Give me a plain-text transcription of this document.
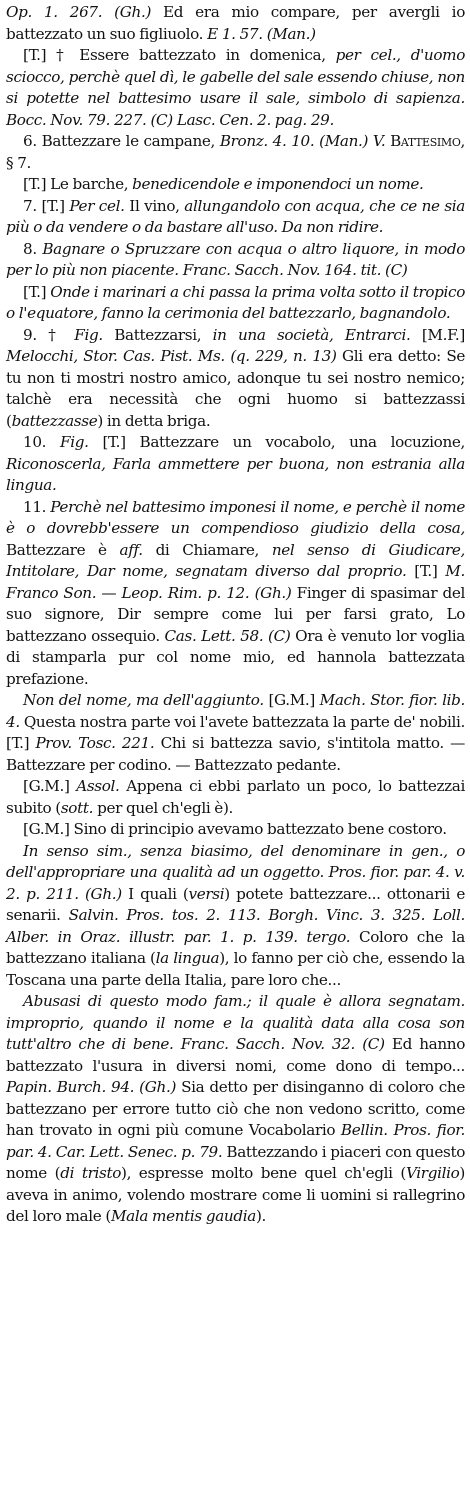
Op. 1. 267. (Gh.) Ed era mio compare, per avergli io battezzato un suo figliuolo. E 1. 57. (Man.)

[T.] † Essere battezzato in domenica, per cel., d'uomo sciocco, perchè quel dì, le gabelle del sale essendo chiuse, non si potette nel battesimo usare il sale, simbolo di sapienza. Bocc. Nov. 79. 227. (C) Lasc. Cen. 2. pag. 29.

6. Battezzare le campane, Bronz. 4. 10. (Man.) V. Battesimo, § 7.

[T.] Le barche, benedicendole e imponendoci un nome.

7. [T.] Per cel. Il vino, allungandolo con acqua, che ce ne sia più o da vendere o da bastare all'uso. Da non ridire.

8. Bagnare o Spruzzare con acqua o altro liquore, in modo per lo più non piacente. Franc. Sacch. Nov. 164. tit. (C)

[T.] Onde i marinari a chi passa la prima volta sotto il tropico o l'equatore, fanno la cerimonia del battezzarlo, bagnandolo.

9. † Fig. Battezzarsi, in una società, Entrarci. [M.F.] Melocchi, Stor. Cas. Pist. Ms. (q. 229, n. 13) Gli era detto: Se tu non ti mostri nostro amico, adonque tu sei nostro nemico; talchè era necessità che ogni huomo si battezzassi (battezzasse) in detta briga.

10. Fig. [T.] Battezzare un vocabolo, una locuzione, Riconoscerla, Farla ammettere per buona, non estrania alla lingua.

11. Perchè nel battesimo imponesi il nome, e perchè il nome è o dovrebb'essere un compendioso giudizio della cosa, Battezzare è aff. di Chiamare, nel senso di Giudicare, Intitolare, Dar nome, segnatam diverso dal proprio. [T.] M. Franco Son. — Leop. Rim. p. 12. (Gh.) Finger di spasimar del suo signore, Dir sempre come lui per farsi grato, Lo battezzano ossequio. Cas. Lett. 58. (C) Ora è venuto lor voglia di stamparla pur col nome mio, ed hannola battezzata prefazione.

Non del nome, ma dell'aggiunto. [G.M.] Mach. Stor. fior. lib. 4. Questa nostra parte voi l'avete battezzata la parte de' nobili. [T.] Prov. Tosc. 221. Chi si battezza savio, s'intitola matto. — Battezzare per codino. — Battezzato pedante.

[G.M.] Assol. Appena ci ebbi parlato un poco, lo battezzai subito (sott. per quel ch'egli è).

[G.M.] Sino di principio avevamo battezzato bene costoro.

In senso sim., senza biasimo, del denominare in gen., o dell'appropriare una qualità ad un oggetto. Pros. fior. par. 4. v. 2. p. 211. (Gh.) I quali (versi) potete battezzare... ottonarii e senarii. Salvin. Pros. tos. 2. 113. Borgh. Vinc. 3. 325. Loll. Alber. in Oraz. illustr. par. 1. p. 139. tergo. Coloro che la battezzano italiana (la lingua), lo fanno per ciò che, essendo la Toscana una parte della Italia, pare loro che...

Abusasi di questo modo fam.; il quale è allora segnatam. improprio, quando il nome e la qualità data alla cosa son tutt'altro che di bene. Franc. Sacch. Nov. 32. (C) Ed hanno battezzato l'usura in diversi nomi, come dono di tempo... Papin. Burch. 94. (Gh.) Sia detto per disinganno di coloro che battezzano per errore tutto ciò che non vedono scritto, come han trovato in ogni più comune Vocabolario Bellin. Pros. fior. par. 4. Car. Lett. Senec. p. 79. Battezzando i piaceri con questo nome (di tristo), espresse molto bene quel ch'egli (Virgilio) aveva in animo, volendo mostrare come li uomini si rallegrino del loro male (Mala mentis gaudia).
